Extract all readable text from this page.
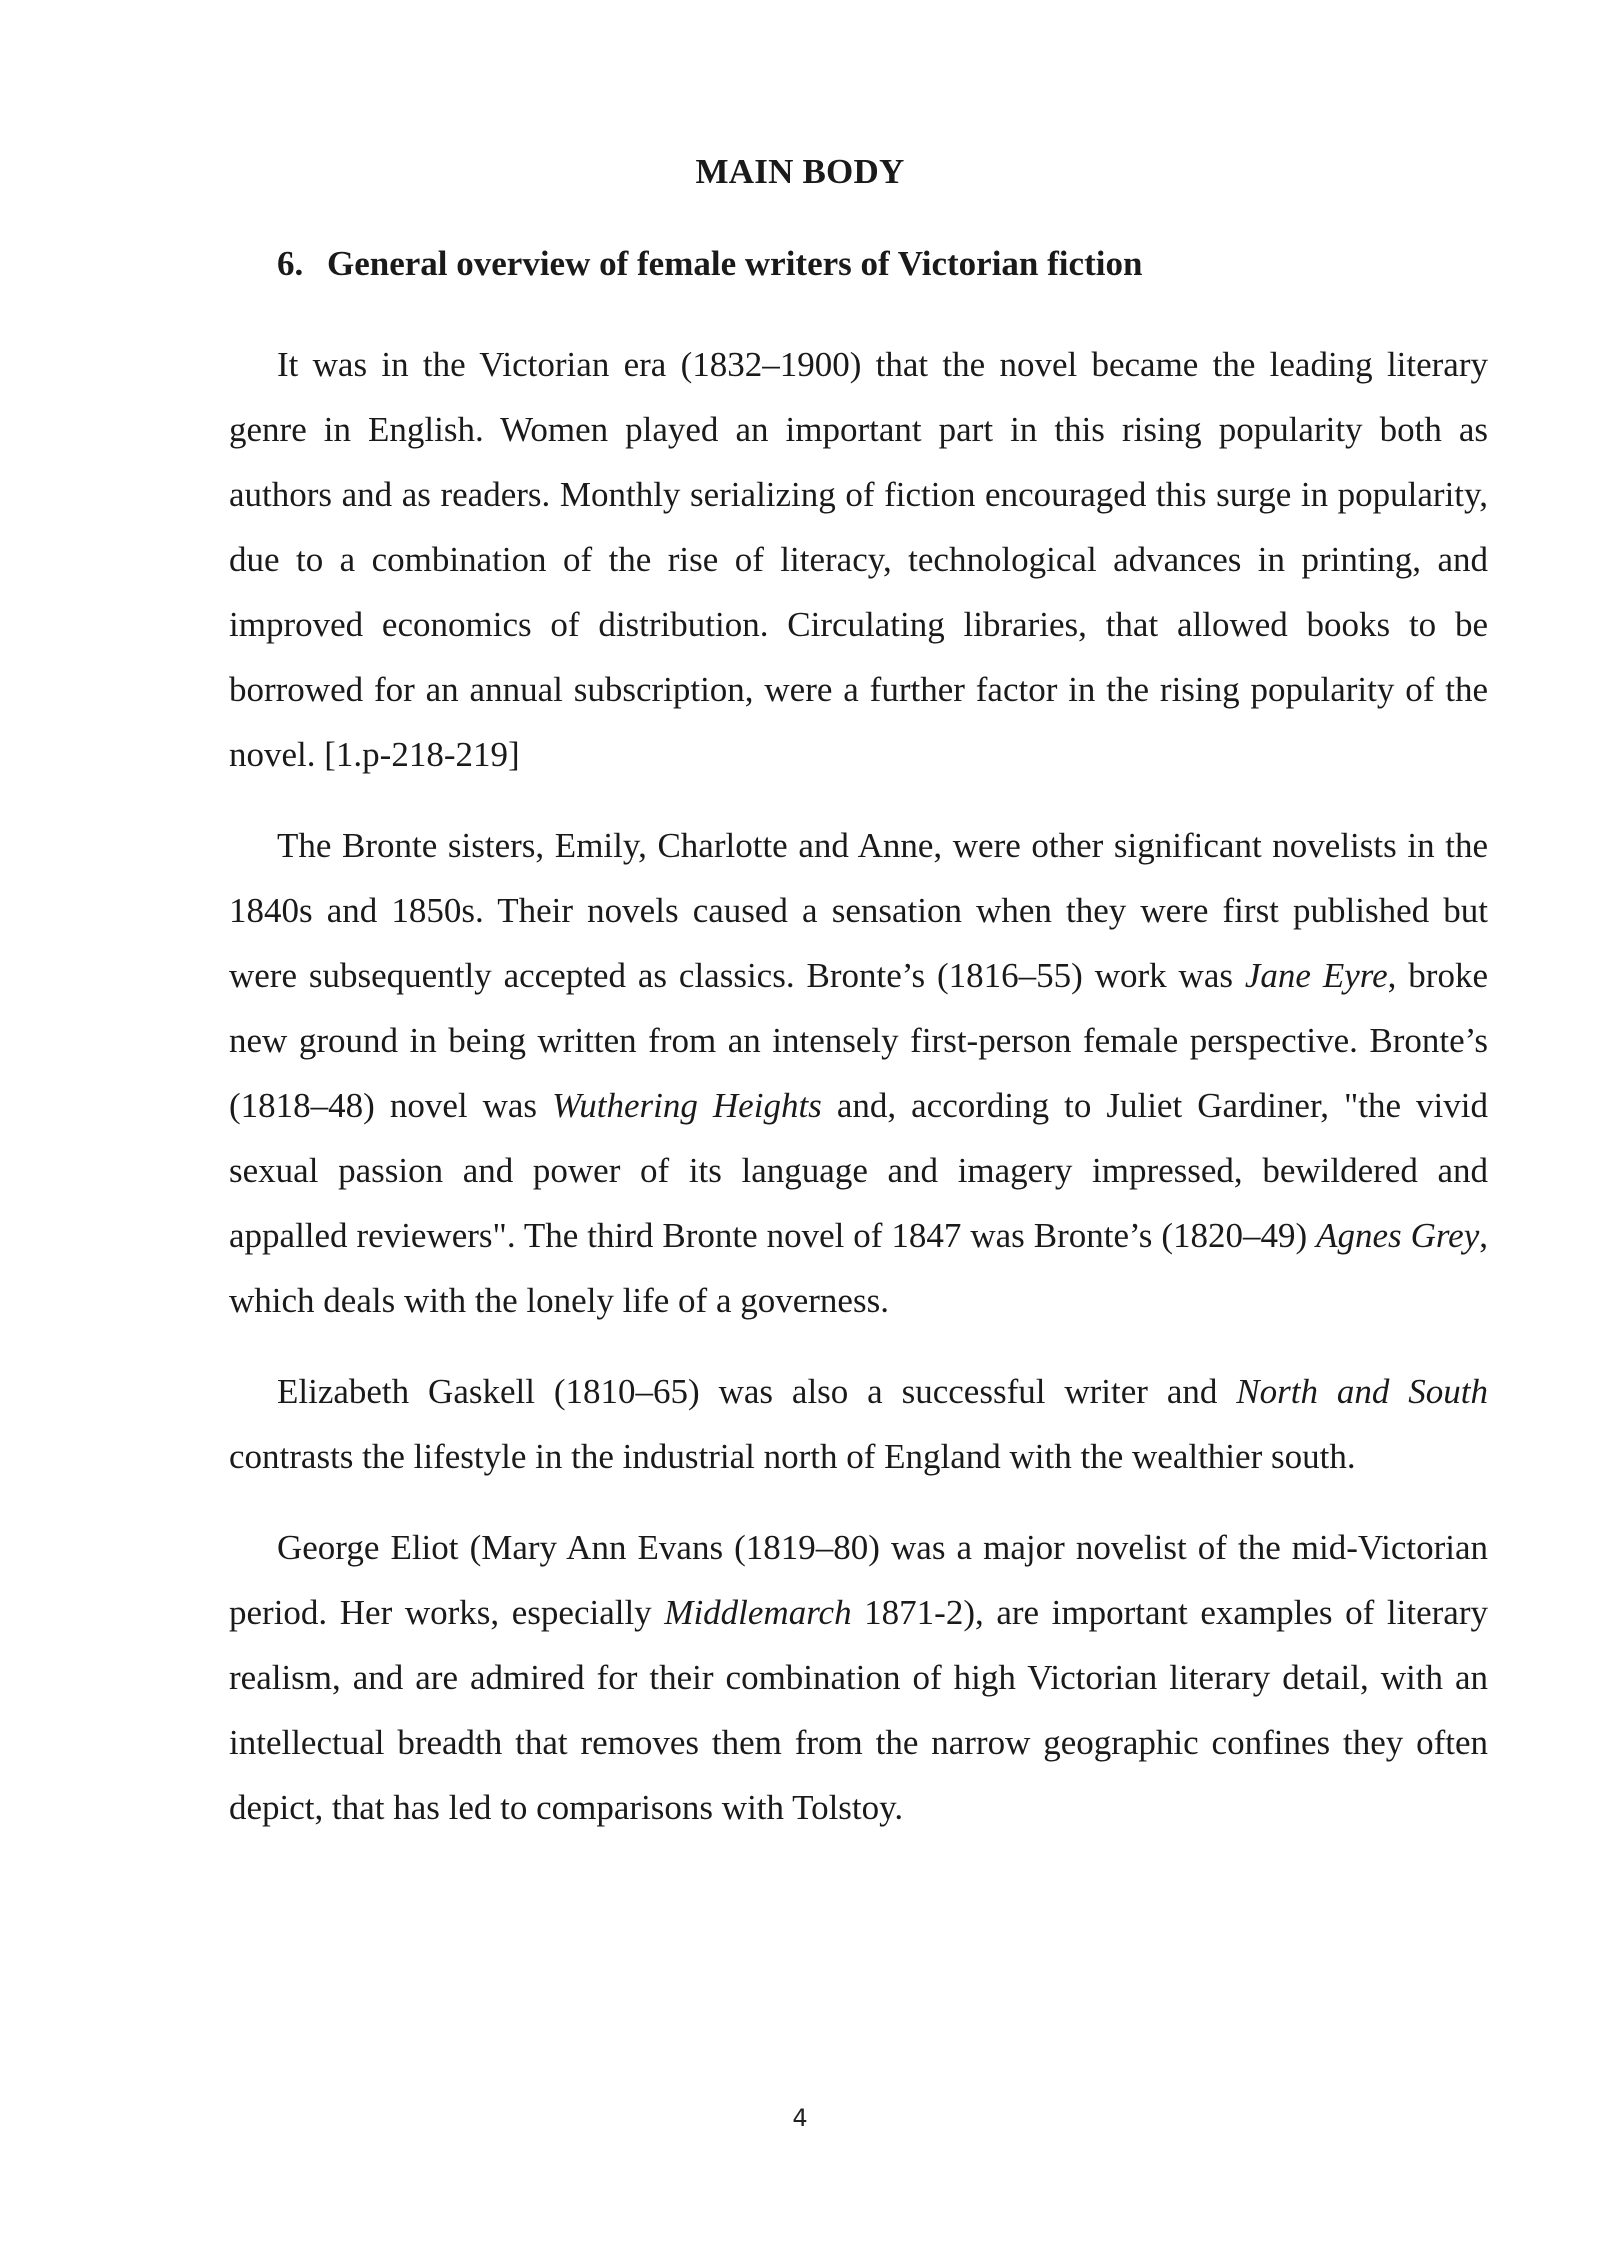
MAIN BODY
6. General overview of female writers of Victorian fiction

It was in the Victorian era (1832–1900) that the novel became the leading literary genre in English. Women played an important part in this rising popularity both as authors and as readers. Monthly serializing of fiction encouraged this surge in popularity, due to a combination of the rise of literacy, technological advances in printing, and improved economics of distribution. Circulating libraries, that allowed books to be borrowed for an annual subscription, were a further factor in the rising popularity of the novel. [1.p-218-219]

The Bronte sisters, Emily, Charlotte and Anne, were other significant novelists in the 1840s and 1850s. Their novels caused a sensation when they were first published but were subsequently accepted as classics. Bronte’s (1816–55) work was Jane Eyre, broke new ground in being written from an intensely first-person female perspective. Bronte’s (1818–48) novel was Wuthering Heights and, according to Juliet Gardiner, "the vivid sexual passion and power of its language and imagery impressed, bewildered and appalled reviewers". The third Bronte novel of 1847 was Bronte’s (1820–49) Agnes Grey, which deals with the lonely life of a governess.

Elizabeth Gaskell (1810–65) was also a successful writer and North and South contrasts the lifestyle in the industrial north of England with the wealthier south.

George Eliot (Mary Ann Evans (1819–80) was a major novelist of the mid-Victorian period. Her works, especially Middlemarch 1871-2), are important examples of literary realism, and are admired for their combination of high Victorian literary detail, with an intellectual breadth that removes them from the narrow geographic confines they often depict, that has led to comparisons with Tolstoy.

4
